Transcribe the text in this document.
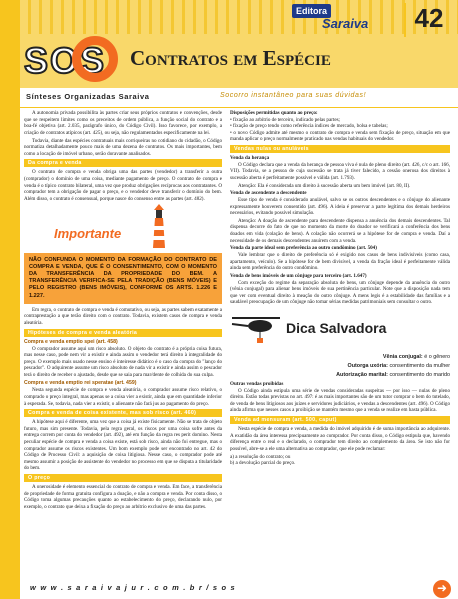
Editora
Saraiva	42
SOS Contratos em Espécie
Sínteses Organizadas Saraiva	Socorro instantâneo para suas dúvidas!

A autonomia privada possibilita às partes criar seus próprios contratos e convenções, desde que se respeitem limites como os preceitos de ordem pública, a função social do contrato e a boa-fé objetiva (art. 2.035, parágrafo único, do Código Civil). Isso favorece, por exemplo, a criação de contratos atípicos (art. 425), ou seja, não regulamentados especificamente na lei.

Todavia, diante das espécies contratuais mais corriqueiras no cotidiano do cidadão, o Código normatiza detalhadamente pouco mais de uma dezena de contratos. Os mais importantes, bem como a locação de imóvel urbano, serão doravante analisados.

Da compra e venda

O contrato de compra e venda obriga uma das partes (vendedor) a transferir a outra (comprador) o domínio de uma coisa, mediante pagamento de preço. O contrato de compra e venda é o típico contrato bilateral, uma vez que produz obrigações recíprocas aos contratantes. O comprador tem a obrigação de pagar o preço, e o vendedor deve transferir o domínio do bem. Além disso, o contrato é consensual, porque nasce do consenso entre as partes (art. 482).

Importante
NÃO CONFUNDA O MOMENTO DA FORMAÇÃO DO CONTRATO DE COMPRA E VENDA, QUE É O CONSENTIMENTO, COM O MOMENTO DA TRANSFERÊNCIA DA PROPRIEDADE DO BEM. A TRANSFERÊNCIA VERIFICA-SE PELA TRADIÇÃO (BENS MÓVEIS) E PELO REGISTRO (BENS IMÓVEIS), CONFORME OS ARTS. 1.226 E 1.227.

Em regra, o contrato de compra e venda é comutativo, ou seja, as partes sabem exatamente a contraprestação a que terão direito com o contrato. Todavia, existem casos de compra e venda aleatória.

Hipóteses de compra e venda aleatória
Compra e venda emptio spei (art. 458)

O comprador assume aqui um risco absoluto. O objeto do contrato é a própria coisa futura, mas nesse caso, pode nem vir a existir e ainda assim o vendedor terá direito à integralidade do preço. O exemplo mais usado nesse ensino é inteiresse didático é o caso da compra do "lanço do pescador". O adquirente assume um risco absoluto de nada vir a existir e ainda assim o pescador terá o direito de receber o ajustado, desde que se saia para mar/dente de colhida do sua culpa.

Compra e venda emptio rei speratae (art. 459)

Nesta segunda espécie de compra e venda aleatória, o comprador assume risco relativo, o comprado o preço integral, mas apenas se a coisa vier a existir, ainda que em quantidade inferior à esperada. Se, todavia, nada vier a existir, o alienante não fará jus ao pagamento do preço.

Compra e venda de coisa existente, mas sob risco (art. 460)

A hipótese aqui é diferente, uma vez que a coisa já existe fisicamente. Não se trata de objeto futuro, mas sim presente. Todavia, pela regra geral, os riscos por uma coisa sofre antes da entrega correm por conta do vendedor (art. 492), até em função da regra res perit domino. Nesta peculiar espécie de compra e venda a coisa existe, está sob risco, ainda não foi entregue, mas o comprador assume os riscos existentes. Um bom exemplo pode ser encontrado no art. 42 do Código de Processo Civil: a aquisição de coisa litigiosa. Nesse caso, o comprador pode até mesmo assumir a posição de assistente do vendedor no processo em que se disputa a titularidade do bem.

O preço

A onerosidade é elemento essencial do contrato de compra e venda. Em face, a transferência de propriedade de forma gratuita configura a doação, e não a compra e venda. Por conta disso, o Código toma algumas precauções quanto ao estabelecimento do preço, declarando nulo, por exemplo, o contrato que deixa a fixação do preço ao arbítrio exclusivo de uma das partes.

Disposições permitidas quanto ao preço:
• fixação ao arbítrio de terceiro, indicado pelas partes;
• fixação de preço tendo como referência índices de mercado, bolsa e tabelas;
• o novo Código admite até mesmo o contrato de compra e venda sem fixação de preço, situação em que manda aplicar o preço normalmente praticado nas vendas habituais do vendedor.
Vendas nulas ou anuláveis
Venda da herança

O Código declara que a venda da herança de pessoa viva é nula de pleno direito (art. 426, c/c o art. 166, VII). Todavia, se a pessoa de cuja sucessão se trata já tiver falecido, a cessão onerosa dos direitos à sucessão aberta é perfeitamente possível e válida (art. 1.793).

Atenção: Ela é considerada um direito à sucessão aberta um bem imóvel (art. 80, II).

Venda de ascendente a descendente

Esse tipo de venda é considerado anulável, salvo se os outros descendentes e o cônjuge do alienante expressamente houverem consentido (art. 496). A ideia é preservar a parte legítima dos demais herdeiros necessários, evitando possível simulação.

Atenção: A doação de ascendente para descendente dispensa a anuência dos demais descendentes. Tal dispensa decorre do fato de que no momento da morte do doador se verificará a conferência dos bens doados em vida (colação de bens). A colação não ocorrerá se a hipótese for de compra e venda. Daí a necessidade de os demais descendentes anuírem com a venda.

Venda da parte ideal sem preferência ao outro condômino (art. 504)

Vale lembrar que o direito de preferência só é exigido nos casos de bens indivisíveis (como casa, apartamento, veículo). Se a hipótese for de bem divisível, a venda da fração ideal é perfeitamente válida ainda sem preferência do outro condômino.

Venda de bens imóveis de um cônjuge para terceiro (art. 1.647)

Com exceção do regime da separação absoluta de bens, um cônjuge depende da anuência do outro (vênia conjugal) para alienar bens imóveis de sua pertinência particular. Note que a disposição nada tem que ver com eventual direito à meação do outro cônjuge. A mens legis é a estabilidade das famílias e a saudável preocupação de um cônjuge não tomar sérias medidas patrimoniais sem consultar o outro.

Dica Salvadora
Vênia conjugal: é o gênero
Outorga uxória: consentimento da mulher
Autorização marital: consentimento do marido
Outras vendas proibidas

O Código ainda estipula uma série de vendas consideradas suspeitas — por isso — nulas de pleno direito. Estão todas previstas no art. 497: é as mais importantes são de um tutor comprar o bem do tutelado, de venda de bens litigiosos aos juízes e servidores judiciários, e vendas a descendentes (art. 496). O Código ainda afirma que nesses casos a proibição se mantém mesmo que a venda se realize em hasta pública.

Venda ad mensuram (art. 500, caput)

Nesta espécie de compra e venda, a medida do imóvel adquirido é de suma importância ao adquirente. A exatidão da área interessa precipuamente ao comprador. Por conta disso, o Código estipula que, havendo diferença entre o real e o declarado, o comprador tem direito ao complemento da área. Se isto não for possível, abre-se a ele uma alternativa ao comprador, que ele pode reclamar:

a) a resolução do contrato; ou
b) a devolução parcial do preço.
w w w . s a r a i v a j u r . c o m . b r / s o s	➜
